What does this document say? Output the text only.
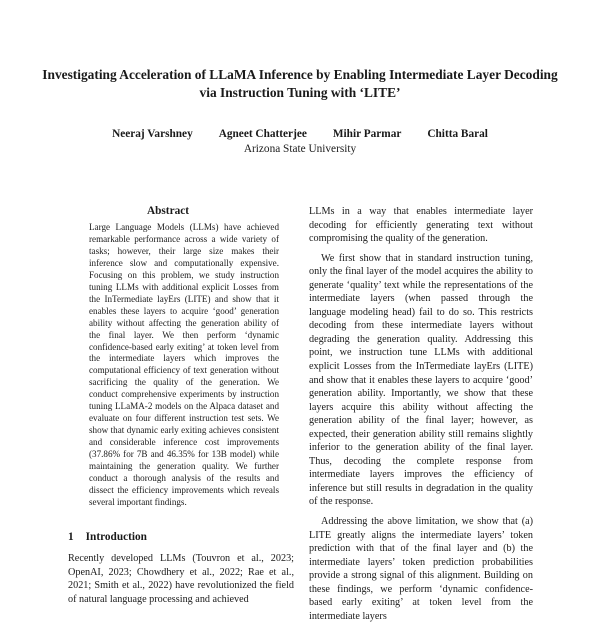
Investigating Acceleration of LLaMA Inference by Enabling Intermediate Layer Decoding via Instruction Tuning with ‘LITE’
Neeraj Varshney Agneet Chatterjee Mihir Parmar Chitta Baral
Arizona State University
Abstract
Large Language Models (LLMs) have achieved remarkable performance across a wide variety of tasks; however, their large size makes their inference slow and computationally expensive. Focusing on this problem, we study instruction tuning LLMs with additional explicit Losses from the InTermediate layErs (LITE) and show that it enables these layers to acquire ‘good’ generation ability without affecting the generation ability of the final layer. We then perform ‘dynamic confidence-based early exiting’ at token level from the intermediate layers which improves the computational efficiency of text generation without sacrificing the quality of the generation. We conduct comprehensive experiments by instruction tuning LLaMA-2 models on the Alpaca dataset and evaluate on four different instruction test sets. We show that dynamic early exiting achieves consistent and considerable inference cost improvements (37.86% for 7B and 46.35% for 13B model) while maintaining the generation quality. We further conduct a thorough analysis of the results and dissect the efficiency improvements which reveals several important findings.
1 Introduction

Recently developed LLMs (Touvron et al., 2023; OpenAI, 2023; Chowdhery et al., 2022; Rae et al., 2021; Smith et al., 2022) have revolutionized the field of natural language processing and achieved

LLMs in a way that enables intermediate layer decoding for efficiently generating text without compromising the quality of the generation.

We first show that in standard instruction tuning, only the final layer of the model acquires the ability to generate ‘quality’ text while the representations of the intermediate layers (when passed through the language modeling head) fail to do so. This restricts decoding from these intermediate layers without degrading the generation quality. Addressing this point, we instruction tune LLMs with additional explicit Losses from the InTermediate layErs (LITE) and show that it enables these layers to acquire ‘good’ generation ability. Importantly, we show that these layers acquire this ability without affecting the generation ability of the final layer; however, as expected, their generation ability still remains slightly inferior to the generation ability of the final layer. Thus, decoding the complete response from intermediate layers improves the efficiency of inference but still results in degradation in the quality of the response.

Addressing the above limitation, we show that (a) LITE greatly aligns the intermediate layers’ token prediction with that of the final layer and (b) the intermediate layers’ token prediction probabilities provide a strong signal of this alignment. Building on these findings, we perform ‘dynamic confidence-based early exiting’ at token level from the intermediate layers
